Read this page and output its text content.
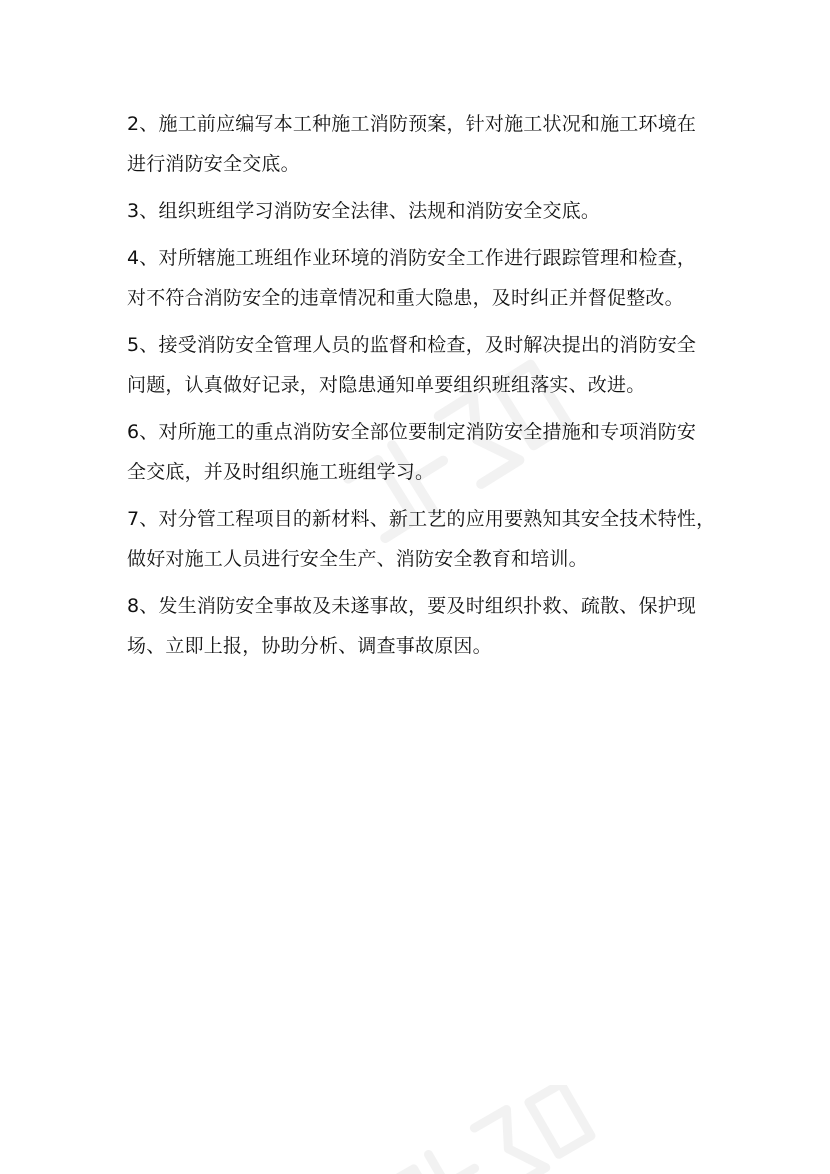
2、施工前应编写本工种施工消防预案，针对施工状况和施工环境在
进行消防安全交底。
3、组织班组学习消防安全法律、法规和消防安全交底。
4、对所辖施工班组作业环境的消防安全工作进行跟踪管理和检查，
对不符合消防安全的违章情况和重大隐患，及时纠正并督促整改。
5、接受消防安全管理人员的监督和检查，及时解决提出的消防安全
问题，认真做好记录，对隐患通知单要组织班组落实、改进。
6、对所施工的重点消防安全部位要制定消防安全措施和专项消防安
全交底，并及时组织施工班组学习。
7、对分管工程项目的新材料、新工艺的应用要熟知其安全技术特性，
做好对施工人员进行安全生产、消防安全教育和培训。
8、发生消防安全事故及未遂事故，要及时组织扑救、疏散、保护现
场、立即上报，协助分析、调查事故原因。
